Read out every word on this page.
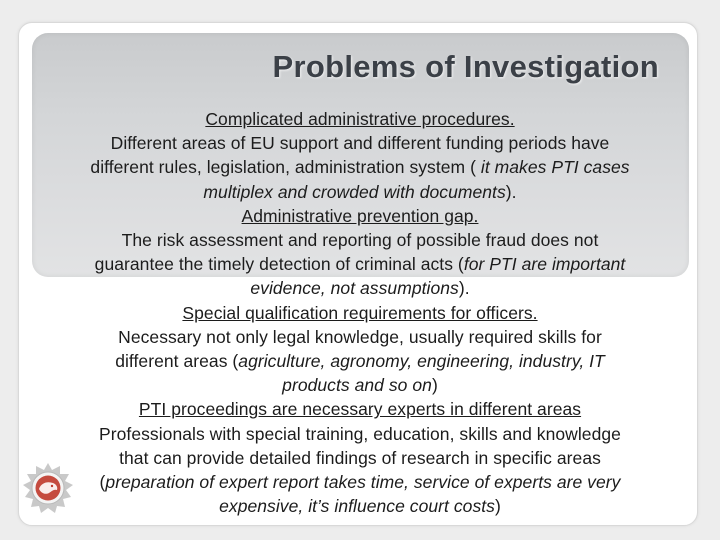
Problems of Investigation
Complicated administrative procedures.
Different areas of EU support and different funding periods have
different rules, legislation, administration system ( it makes PTI cases
multiplex and crowded with documents).
Administrative prevention gap.
The risk assessment and reporting of possible fraud does not
guarantee the timely detection of criminal acts (for PTI are important
evidence, not assumptions).
Special qualification requirements for officers.
Necessary not only legal knowledge, usually required skills for
different areas (agriculture, agronomy, engineering, industry, IT
products and so on)
PTI proceedings are necessary experts in different areas
Professionals with special training, education, skills and knowledge
that can provide detailed findings of research in specific areas
(preparation of expert report takes time, service of experts are very
expensive, it’s influence court costs)
